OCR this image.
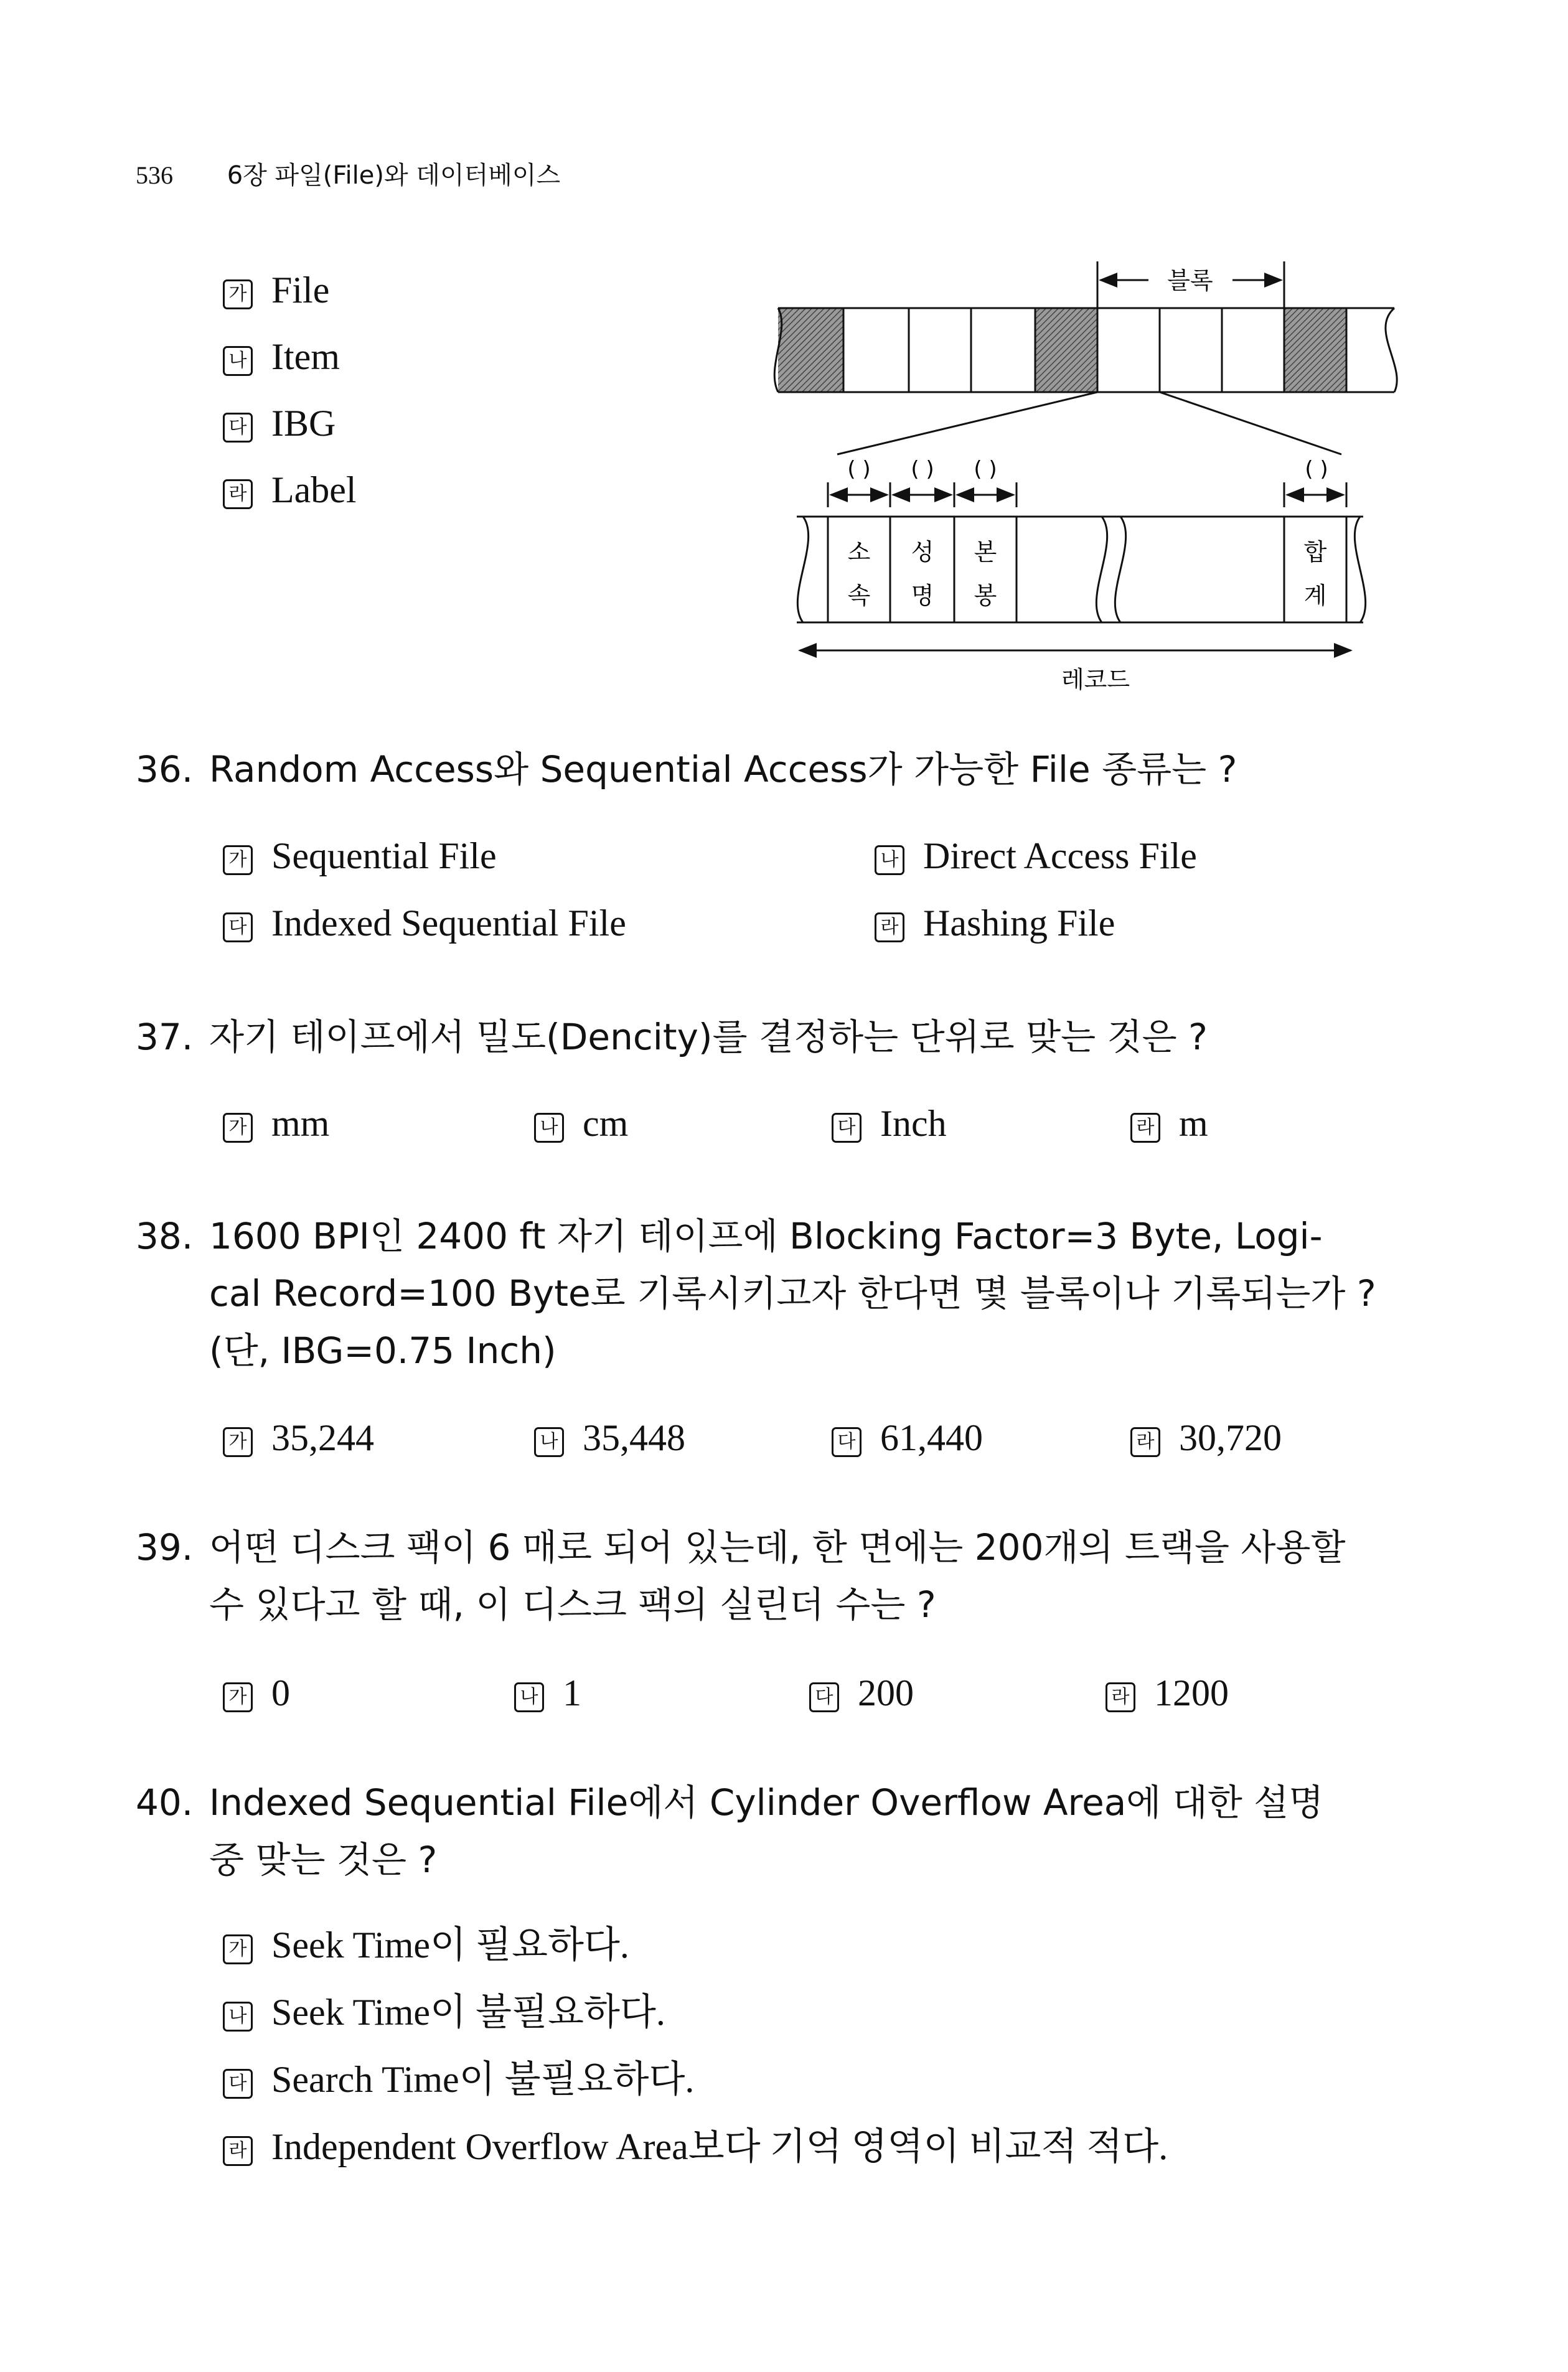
536 6장 파일(File)와 데이터베이스
가 File
나 Item
다 IBG
라 Label
블록
( ) ( ) ( )	( )
소
속
성
명
본
봉
합
계
레코드
36. Random Access와 Sequential Access가 가능한 File 종류는 ?
가 Sequential File	나 Direct Access File
다 Indexed Sequential File	라 Hashing File
37. 자기 테이프에서 밀도(Dencity)를 결정하는 단위로 맞는 것은 ?
가 mm	나 cm	다 Inch	라 m
38. 1600 BPI인 2400 ft 자기 테이프에 Blocking Factor=3 Byte, Logi-
cal Record=100 Byte로 기록시키고자 한다면 몇 블록이나 기록되는가 ?
(단, IBG=0.75 Inch)
가 35,244	나 35,448	다 61,440	라 30,720
39. 어떤 디스크 팩이 6 매로 되어 있는데, 한 면에는 200개의 트랙을 사용할
수 있다고 할 때, 이 디스크 팩의 실린더 수는 ?
가 0	나 1	다 200	라 1200
40. Indexed Sequential File에서 Cylinder Overflow Area에 대한 설명
중 맞는 것은 ?
가 Seek Time이 필요하다.
나 Seek Time이 불필요하다.
다 Search Time이 불필요하다.
라 Independent Overflow Area보다 기억 영역이 비교적 적다.
